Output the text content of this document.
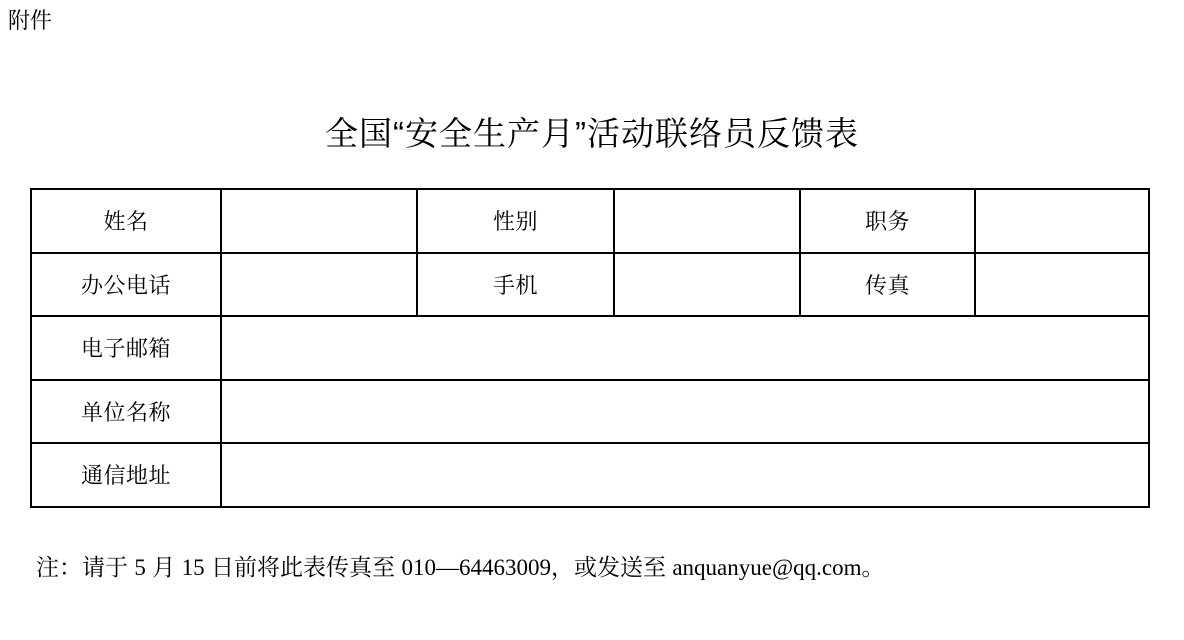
附件
全国“安全生产月”活动联络员反馈表
姓名		性别		职务	
办公电话		手机		传真	
电子邮箱					
单位名称					
通信地址					

注：请于 5 月 15 日前将此表传真至 010—64463009，或发送至 anquanyue@qq.com。
